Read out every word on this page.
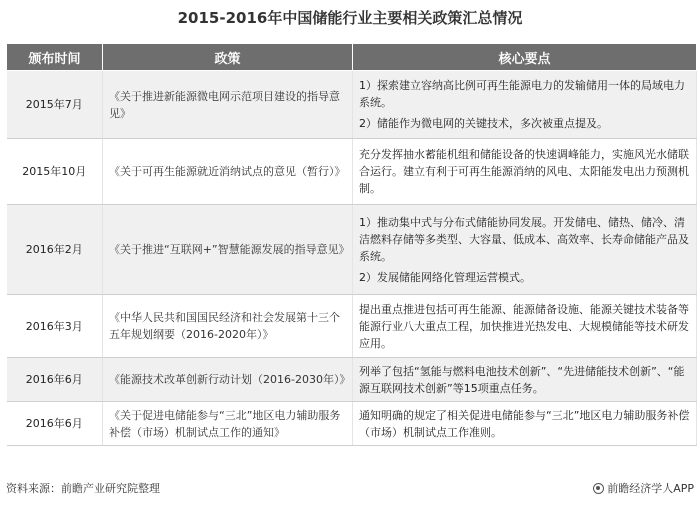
2015-2016年中国储能行业主要相关政策汇总情况
颁布时间	政策	核心要点
2015年7月	《关于推进新能源微电网示范项目建设的指导意见》	1）探索建立容纳高比例可再生能源电力的发输储用一体的局域电力系统。

2）储能作为微电网的关键技术，多次被重点提及。

2015年10月	《关于可再生能源就近消纳试点的意见（暂行）》	充分发挥抽水蓄能机组和储能设备的快速调峰能力，实施风光水储联合运行。建立有利于可再生能源消纳的风电、太阳能发电出力预测机制。

2016年2月	《关于推进“互联网+”智慧能源发展的指导意见》	1）推动集中式与分布式储能协同发展。开发储电、储热、储冷、清洁燃料存储等多类型、大容量、低成本、高效率、长寿命储能产品及系统。

2）发展储能网络化管理运营模式。

2016年3月	《中华人民共和国国民经济和社会发展第十三个五年规划纲要（2016-2020年）》	提出重点推进包括可再生能源、能源储备设施、能源关键技术装备等能源行业八大重点工程，加快推进光热发电、大规模储能等技术研发应用。

2016年6月	《能源技术改革创新行动计划（2016-2030年）》	列举了包括“氢能与燃料电池技术创新”、“先进储能技术创新”、“能源互联网技术创新”等15项重点任务。

2016年6月	《关于促进电储能参与“三北”地区电力辅助服务补偿（市场）机制试点工作的通知》	通知明确的规定了相关促进电储能参与“三北”地区电力辅助服务补偿（市场）机制试点工作准则。

资料来源：前瞻产业研究院整理	前瞻经济学人APP
